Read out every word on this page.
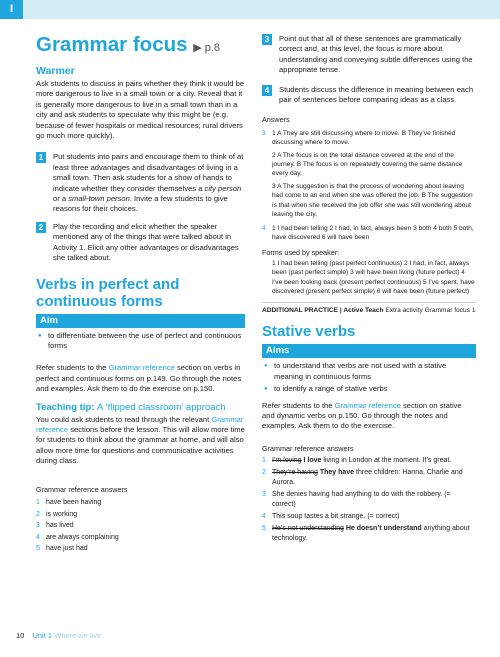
I
Grammar focus ▶ p.8
Warmer

Ask students to discuss in pairs whether they think it would be more dangerous to live in a small town or a city. Reveal that it is generally more dangerous to live in a small town than in a city and ask students to speculate why this might be (e.g. because of fewer hospitals or medical resources; rural drivers go much more quickly).

1	Put students into pairs and encourage them to think of at least three advantages and disadvantages of living in a small town. Then ask students for a show of hands to indicate whether they consider themselves a city person or a small-town person. Invite a few students to give reasons for their choices.

2	Play the recording and elicit whether the speaker mentioned any of the things that were talked about in Activity 1. Elicit any other advantages or disadvantages she talked about.

Verbs in perfect and continuous forms
Aim
● to differentiate between the use of perfect and continuous forms

Refer students to the Grammar reference section on verbs in perfect and continuous forms on p.149. Go through the notes and examples. Ask them to do the exercise on p.150.

Teaching tip: A ‘flipped classroom’ approach

You could ask students to read through the relevant Grammar reference sections before the lesson. This will allow more time for students to think about the grammar at home, and will also allow more time for questions and communicative activities during class.

Grammar reference answers
1 have been having
2 is working
3 has lived
4 are always complaining
5 have just had
3	Point out that all of these sentences are grammatically correct and, at this level, the focus is more about understanding and conveying subtle differences using the appropriate tense.

4	Students discuss the difference in meaning between each pair of sentences before comparing ideas as a class.

Answers
3 1 A They are still discussing where to move. B They’ve finished discussing where to move.
2 A The focus is on the total distance covered at the end of the journey. B The focus is on repeatedly covering the same distance every day.
3 A The suggestion is that the process of wondering about leaving had come to an end when she was offered the job. B The suggestion is that when she received the job offer she was still wondering about leaving the city.
4 1 I had been telling 2 I had, in fact, always been 3 both 4 both 5 both, have discovered 6 will have been
Forms used by speaker:
1 I had been telling (past perfect continuous) 2 I had, in fact, always been (past perfect simple) 3 will have been living (future perfect) 4 I’ve been looking back (present perfect continuous) 5 I’ve spent, have discovered (present perfect simple) 6 will have been (future perfect)
ADDITIONAL PRACTICE | Active Teach Extra activity Grammar focus 1
Stative verbs
Aims
● to understand that verbs are not used with a stative meaning in continuous forms
● to identify a range of stative verbs

Refer students to the Grammar reference section on stative and dynamic verbs on p.150. Go through the notes and examples. Ask them to do the exercise.

Grammar reference answers
1 I’m loving I love living in London at the moment. It’s great.
2 They’re having They have three children: Hanna, Charlie and Aurora.
3 She denies having had anything to do with the robbery. (= correct)
4 This soup tastes a bit strange. (= correct)
5 He’s not understanding He doesn’t understand anything about technology.
10 Unit 1 Where we live
